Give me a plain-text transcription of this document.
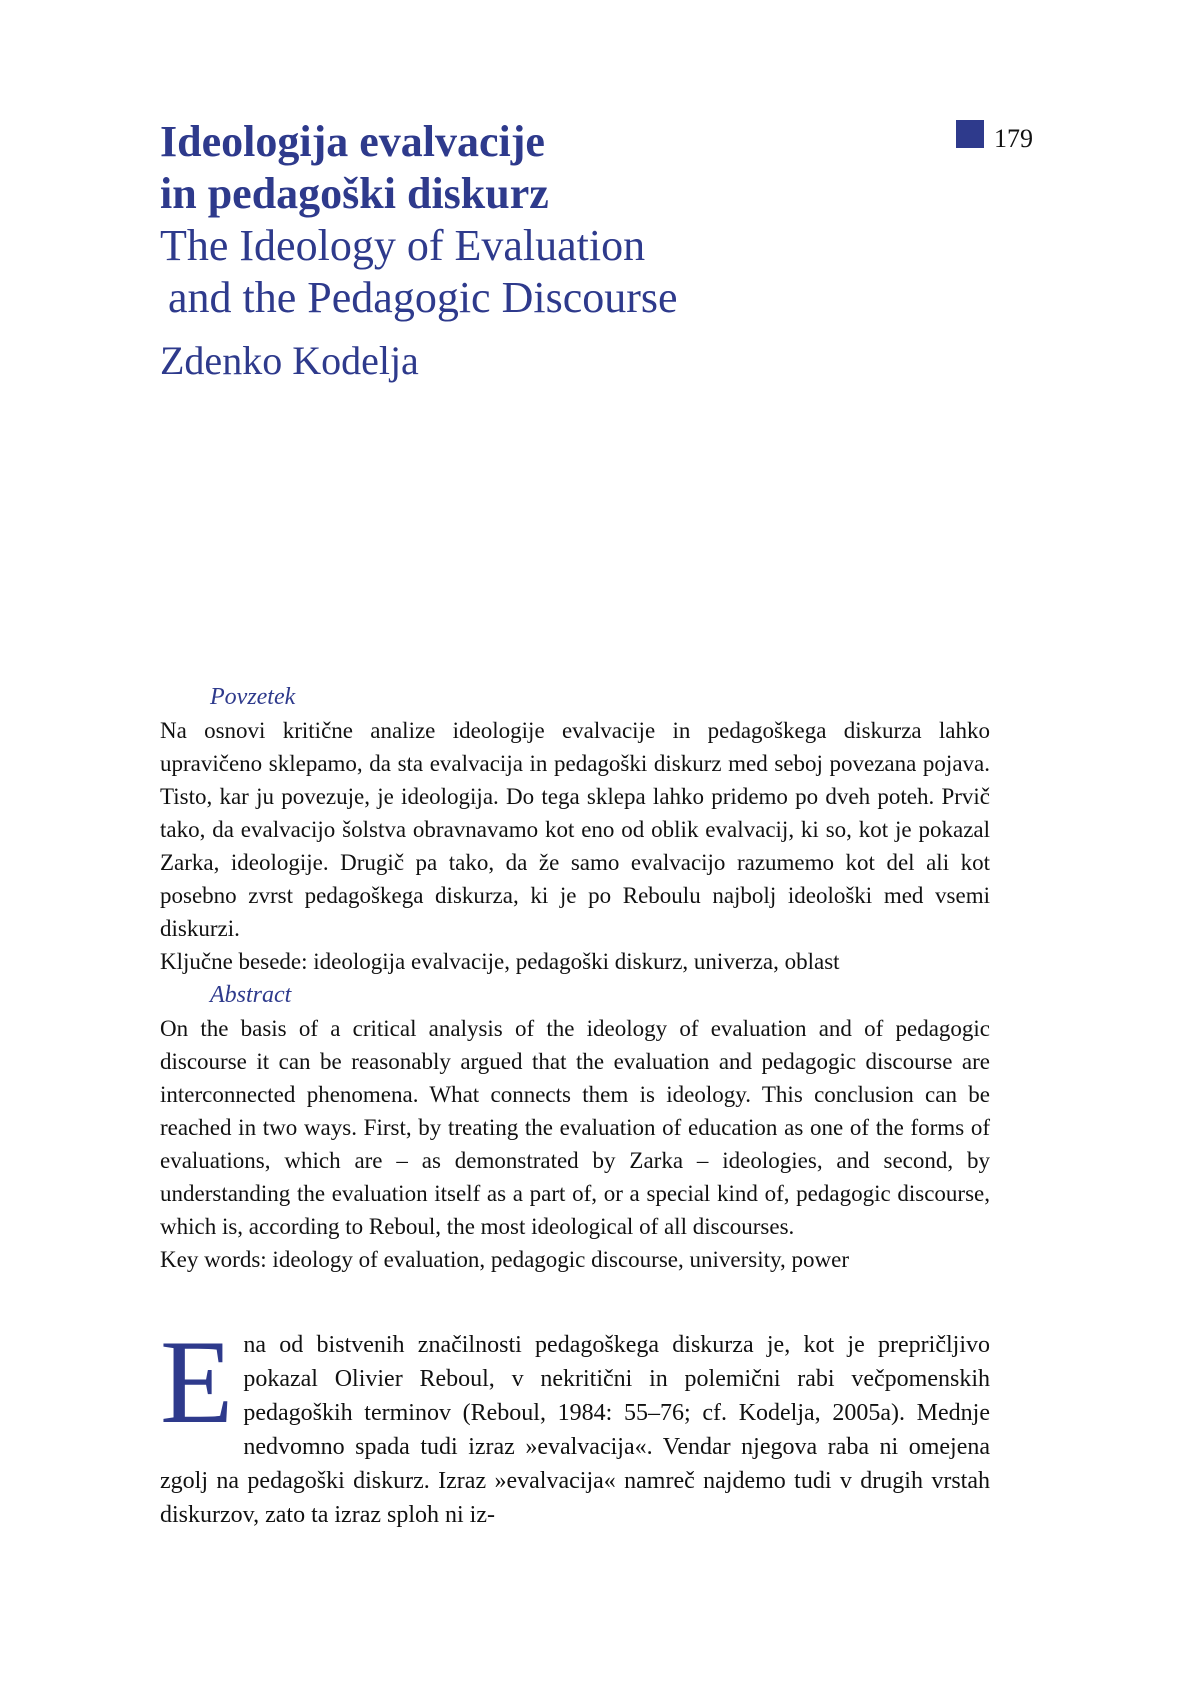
179
Ideologija evalvacije
in pedagoški diskurz
The Ideology of Evaluation
and the Pedagogic Discourse
Zdenko Kodelja
Povzetek

Na osnovi kritične analize ideologije evalvacije in pedagoškega diskurza lahko upravičeno sklepamo, da sta evalvacija in pedagoški diskurz med seboj povezana pojava. Tisto, kar ju povezuje, je ideologija. Do tega sklepa lahko pridemo po dveh poteh. Prvič tako, da evalvacijo šolstva obravnavamo kot eno od oblik evalvacij, ki so, kot je pokazal Zarka, ideologije. Drugič pa tako, da že samo evalvacijo razumemo kot del ali kot posebno zvrst pedagoškega diskurza, ki je po Reboulu najbolj ideološki med vsemi diskurzi.

Ključne besede: ideologija evalvacije, pedagoški diskurz, univerza, oblast

Abstract

On the basis of a critical analysis of the ideology of evaluation and of pedagogic discourse it can be reasonably argued that the evaluation and pedagogic discourse are interconnected phenomena. What connects them is ideology. This conclusion can be reached in two ways. First, by treating the evaluation of education as one of the forms of evaluations, which are – as demonstrated by Zarka – ideologies, and second, by understanding the evaluation itself as a part of, or a special kind of, pedagogic discourse, which is, according to Reboul, the most ideological of all discourses.

Key words: ideology of evaluation, pedagogic discourse, university, power

E na od bistvenih značilnosti pedagoškega diskurza je, kot je prepričljivo pokazal Olivier Reboul, v nekritični in polemični rabi večpomenskih pedagoških terminov (Reboul, 1984: 55–76; cf. Kodelja, 2005a). Mednje nedvomno spada tudi izraz »evalvacija«. Vendar njegova raba ni omejena zgolj na pedagoški diskurz. Izraz »evalvacija« namreč najdemo tudi v drugih vrstah diskurzov, zato ta izraz sploh ni iz-
